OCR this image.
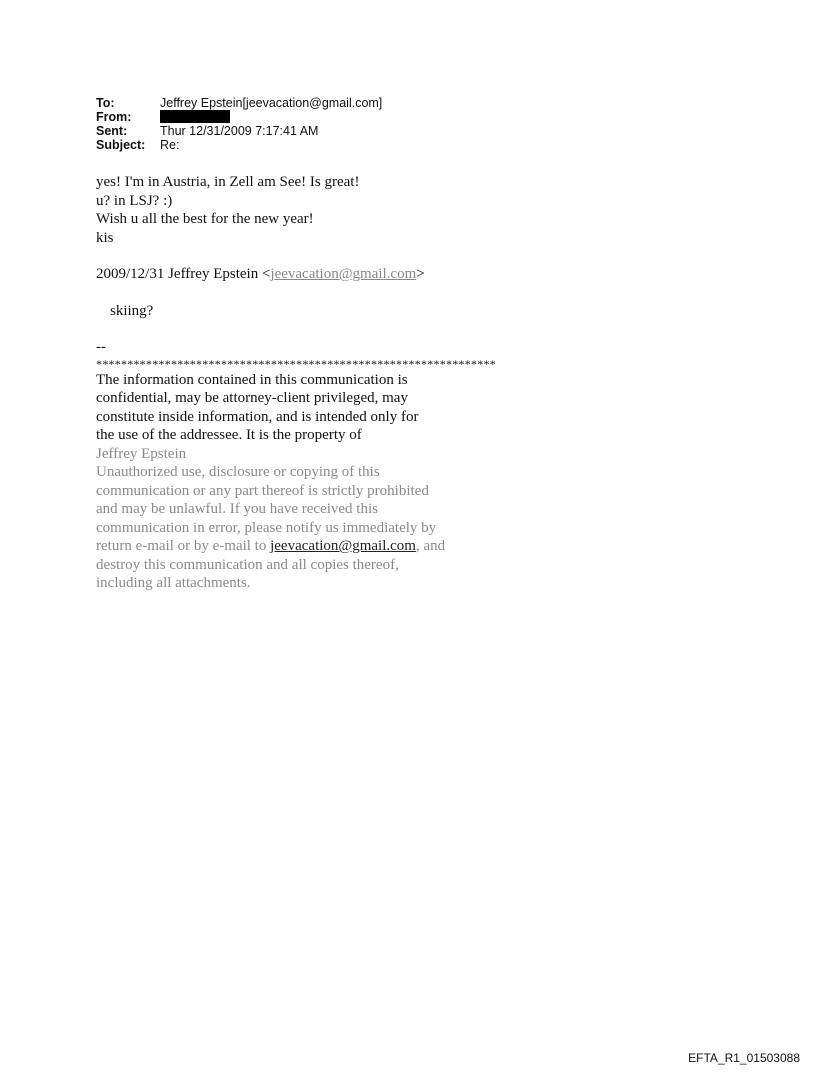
To:	Jeffrey Epstein[jeevacation@gmail.com]
From:
Sent:	Thur 12/31/2009 7:17:41 AM
Subject:	Re:
yes! I'm in Austria, in Zell am See! Is great!
u? in LSJ? :)
Wish u all the best for the new year!
kis
2009/12/31 Jeffrey Epstein <jeevacation@gmail.com>
skiing?
--
****************************************************************
The information contained in this communication is
confidential, may be attorney-client privileged, may
constitute inside information, and is intended only for
the use of the addressee. It is the property of
Jeffrey Epstein
Unauthorized use, disclosure or copying of this
communication or any part thereof is strictly prohibited
and may be unlawful. If you have received this
communication in error, please notify us immediately by
return e-mail or by e-mail to jeevacation@gmail.com, and
destroy this communication and all copies thereof,
including all attachments.
EFTA_R1_01503088
